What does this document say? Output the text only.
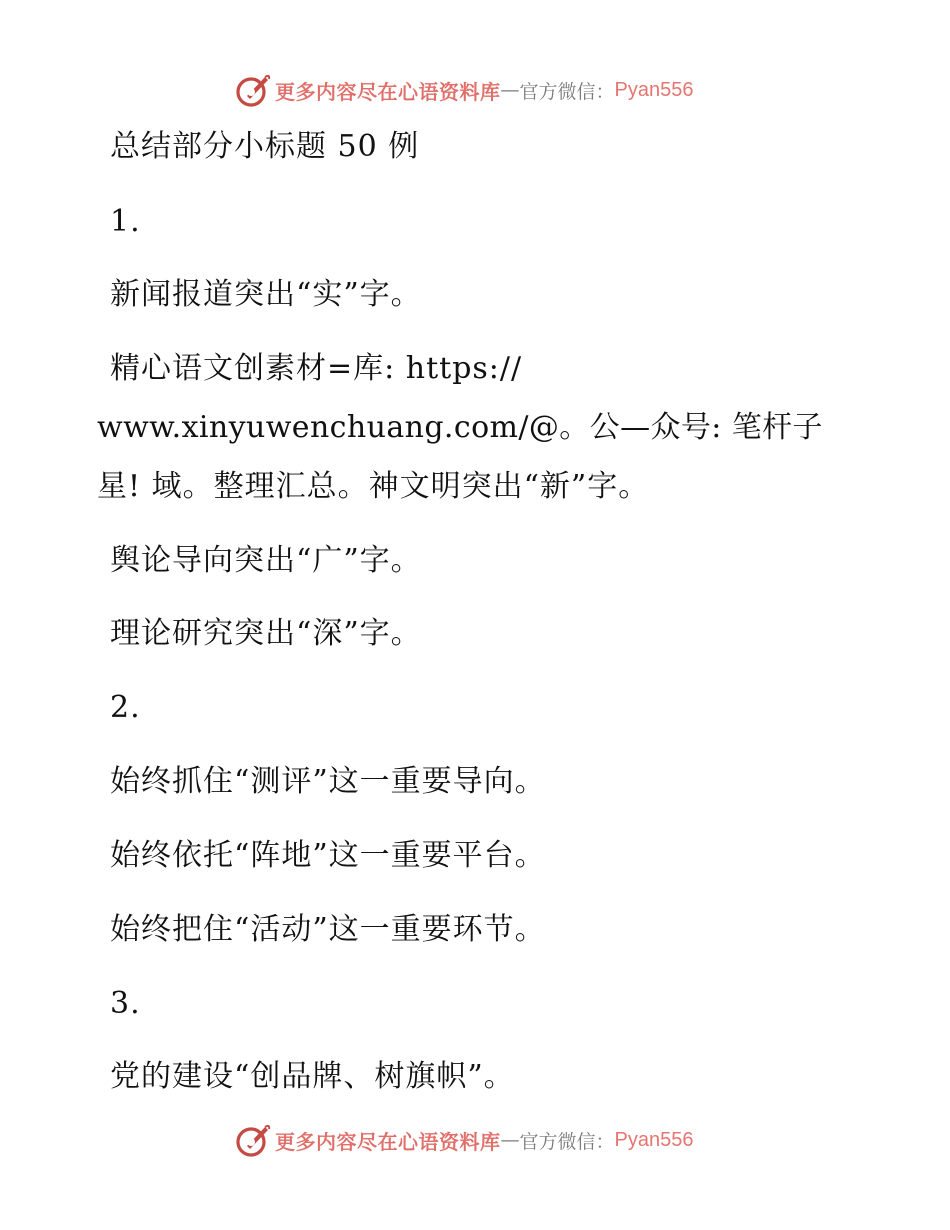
更多内容尽在心语资料库 — 官方微信： Pyan556
总结部分小标题 50 例
1.
新闻报道突出“实”字。
精心语文创素材=库: https://
www.xinyuwenchuang.com/@。公—众号: 笔杆子
星! 域。整理汇总。神文明突出“新”字。
舆论导向突出“广”字。
理论研究突出“深”字。
2.
始终抓住“测评”这一重要导向。
始终依托“阵地”这一重要平台。
始终把住“活动”这一重要环节。
3.
党的建设“创品牌、树旗帜”。
更多内容尽在心语资料库 — 官方微信： Pyan556
